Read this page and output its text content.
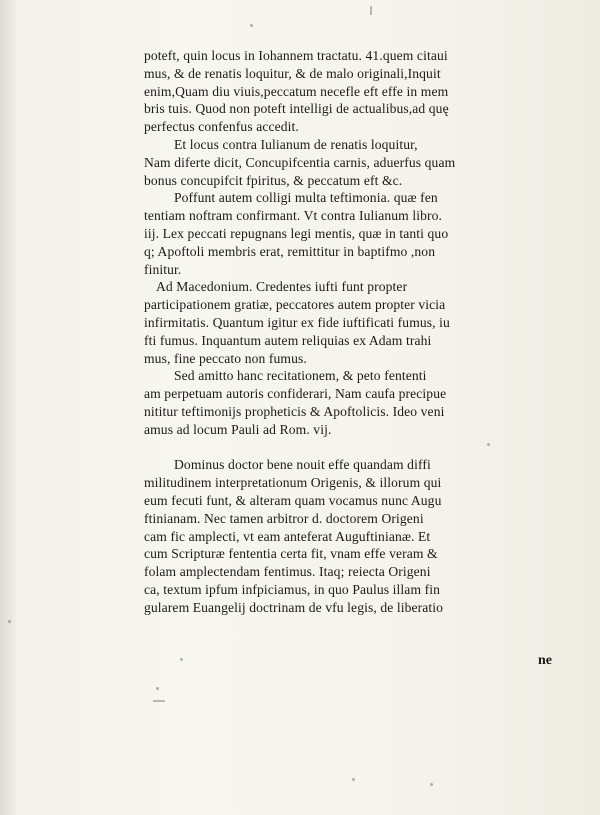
poteft, quin locus in Iohannem tractatu. 41.quem citaui
mus, & de renatis loquitur, & de malo originali,Inquit
enim,Quam diu viuis,peccatum necefle eft effe in mem
bris tuis. Quod non poteft intelligi de actualibus,ad quę
perfectus confenfus accedit.
Et locus contra Iulianum de renatis loquitur,
Nam diferte dicit, Concupifcentia carnis, aduerfus quam
bonus concupifcit fpiritus, & peccatum eft &c.
Poffunt autem colligi multa teftimonia. quæ fen
tentiam noftram confirmant. Vt contra Iulianum libro.
iij. Lex peccati repugnans legi mentis, quæ in tanti quo
q; Apoftoli membris erat, remittitur in baptifmo ,non
finitur.
Ad Macedonium. Credentes iufti funt propter
participationem gratiæ, peccatores autem propter vicia
infirmitatis. Quantum igitur ex fide iuftificati fumus, iu
fti fumus. Inquantum autem reliquias ex Adam trahi
mus, fine peccato non fumus.
Sed amitto hanc recitationem, & peto fententi
am perpetuam autoris confiderari, Nam caufa precipue
nititur teftimonijs propheticis & Apoftolicis. Ideo veni
amus ad locum Pauli ad Rom. vij.
Dominus doctor bene nouit effe quandam diffi
militudinem interpretationum Origenis, & illorum qui
eum fecuti funt, & alteram quam vocamus nunc Augu
ftinianam. Nec tamen arbitror d. doctorem Origeni
cam fic amplecti, vt eam anteferat Auguftinianæ. Et
cum Scripturæ fententia certa fit, vnam effe veram &
folam amplectendam fentimus. Itaq; reiecta Origeni
ca, textum ipfum infpiciamus, in quo Paulus illam fin
gularem Euangelij doctrinam de vfu legis, de liberatio
ne
